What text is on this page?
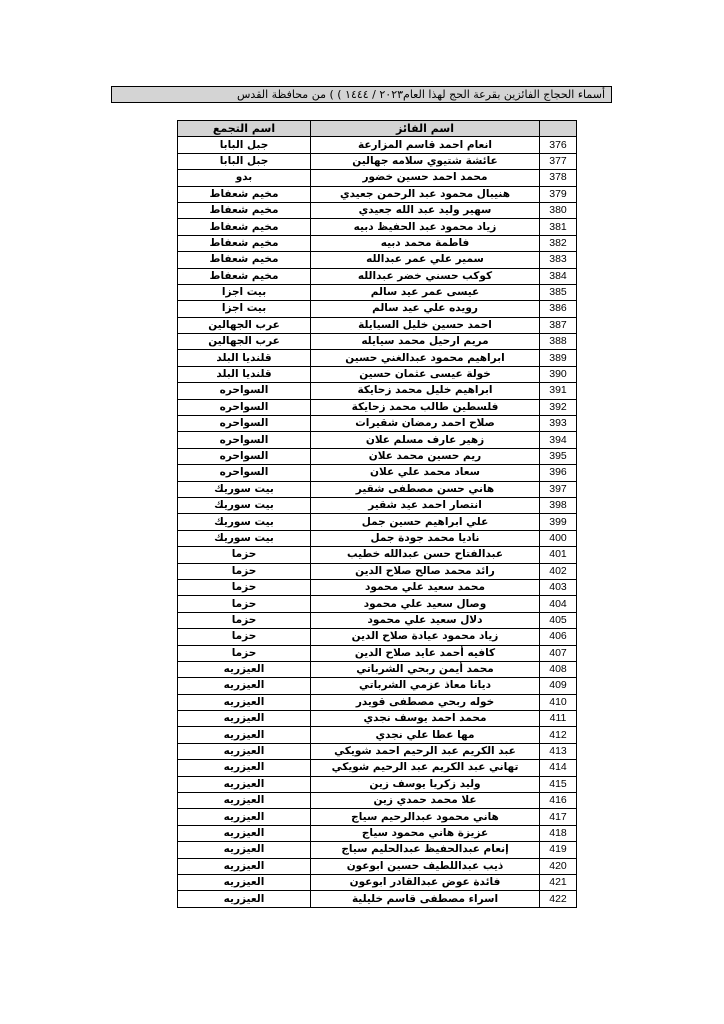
أسماء الحجاج الفائزين بقرعة الحج لهذا العام٢٠٢٣ / ١٤٤٤ ) ) من محافظة القدس
اسم التجمع	اسم الفائز	
جبل البابا	انعام احمد قاسم المزارعة	376
جبل البابا	عائشة شتيوي سلامه جهالين	377
بدو	محمد احمد حسين خضور	378
مخيم شعفاط	هنيبال محمود عبد الرحمن جعيدي	379
مخيم شعفاط	سهير وليد عبد الله جعيدي	380
مخيم شعفاط	زياد محمود عبد الحفيظ دبيه	381
مخيم شعفاط	فاطمة محمد دبيه	382
مخيم شعفاط	سمير علي عمر عبدالله	383
مخيم شعفاط	كوكب حسني خضر عبدالله	384
بيت اجزا	عيسى عمر عيد سالم	385
بيت اجزا	رويده علي عيد سالم	386
عرب الجهالين	احمد حسين خليل السيايلة	387
عرب الجهالين	مريم ارحيل محمد سيايله	388
قلنديا البلد	ابراهيم محمود عبدالغني حسين	389
قلنديا البلد	خولة عيسى عثمان حسين	390
السواحره	ابراهيم خليل محمد زحايكة	391
السواحره	فلسطين طالب محمد زحايكة	392
السواحره	صلاح احمد رمضان شقيرات	393
السواحره	زهير عارف مسلم علان	394
السواحره	ريم حسين محمد علان	395
السواحره	سعاد محمد علي علان	396
بيت سوريك	هاني حسن مصطفى شقير	397
بيت سوريك	انتصار احمد عيد شقير	398
بيت سوريك	علي ابراهيم حسين جمل	399
بيت سوريك	ناديا محمد جودة جمل	400
حزما	عبدالفتاح حسن عبدالله خطيب	401
حزما	رائد محمد صالح صلاح الدين	402
حزما	محمد سعيد علي محمود	403
حزما	وصال سعيد علي محمود	404
حزما	دلال سعيد علي محمود	405
حزما	زياد محمود عيادة صلاح الدين	406
حزما	كافيه أحمد عايد صلاح الدين	407
العيزريه	محمد أيمن ربحي الشرباتي	408
العيزريه	ديانا معاذ عزمي الشرباتي	409
العيزريه	خوله ربحي مصطفى قويدر	410
العيزريه	محمد احمد يوسف نجدي	411
العيزريه	مها عطا علي نجدي	412
العيزريه	عبد الكريم عبد الرحيم احمد شويكي	413
العيزريه	تهاني عبد الكريم عبد الرحيم شويكي	414
العيزريه	وليد زكريا يوسف زين	415
العيزريه	علا محمد حمدي زين	416
العيزريه	هاني محمود عبدالرحيم سياج	417
العيزريه	عزيزة هاني محمود سياج	418
العيزريه	إنعام عبدالحفيظ عبدالحليم سياج	419
العيزريه	ذيب عبداللطيف حسين ابوعون	420
العيزريه	فائدة عوض عبدالقادر ابوعون	421
العيزريه	اسراء مصطفى قاسم خليلية	422
